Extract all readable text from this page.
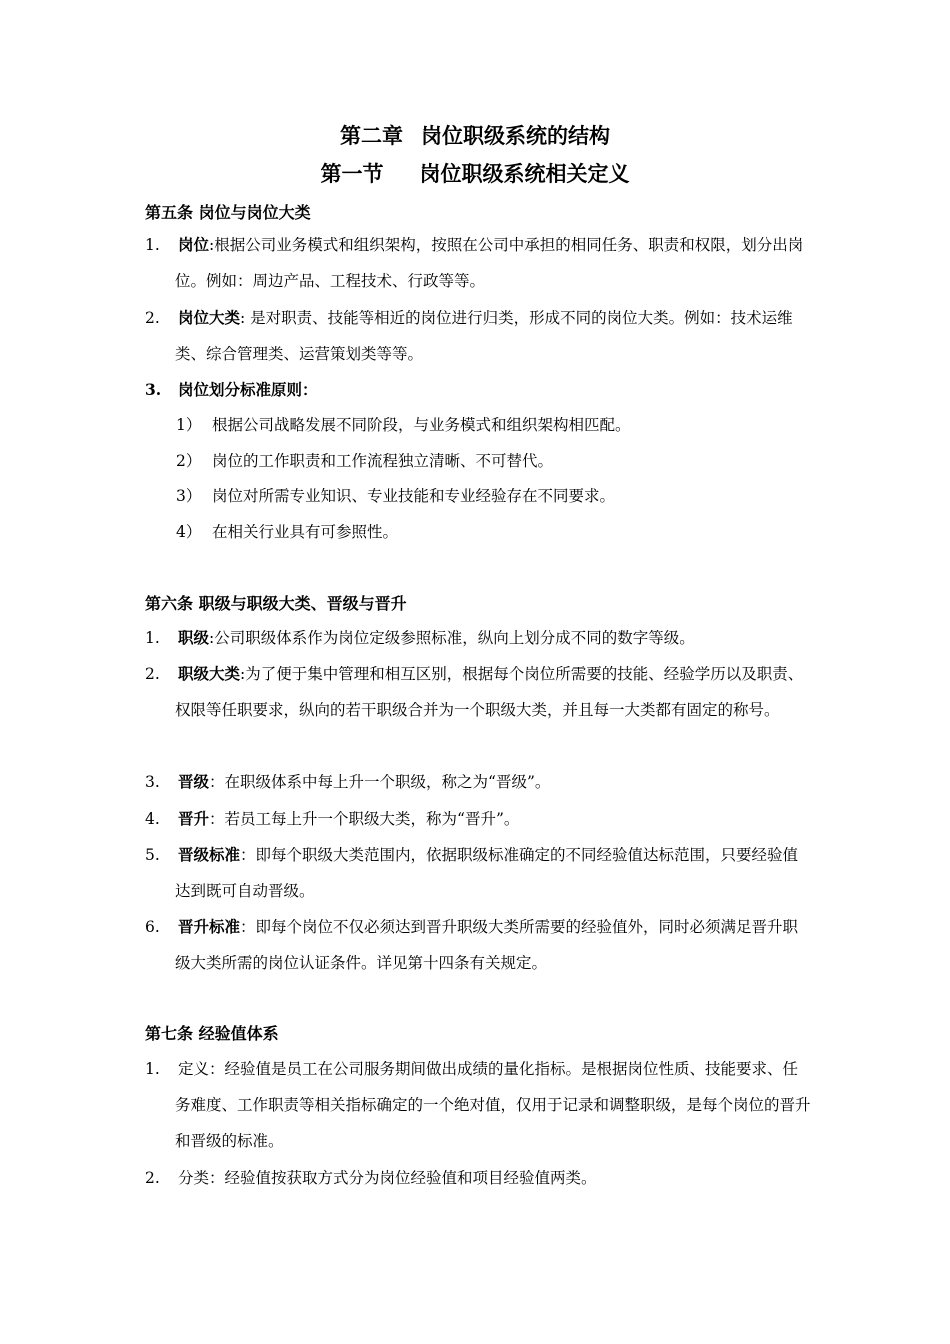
第二章 岗位职级系统的结构
第一节 岗位职级系统相关定义
第五条 岗位与岗位大类
1.	岗位:根据公司业务模式和组织架构，按照在公司中承担的相同任务、职责和权限，划分出岗位。例如：周边产品、工程技术、行政等等。
2.	岗位大类: 是对职责、技能等相近的岗位进行归类，形成不同的岗位大类。例如：技术运维类、综合管理类、运营策划类等等。
3.	岗位划分标准原则：
1） 根据公司战略发展不同阶段，与业务模式和组织架构相匹配。
2） 岗位的工作职责和工作流程独立清晰、不可替代。
3） 岗位对所需专业知识、专业技能和专业经验存在不同要求。
4） 在相关行业具有可参照性。
第六条 职级与职级大类、晋级与晋升
1.	职级:公司职级体系作为岗位定级参照标准，纵向上划分成不同的数字等级。
2.	职级大类:为了便于集中管理和相互区别，根据每个岗位所需要的技能、经验学历以及职责、权限等任职要求，纵向的若干职级合并为一个职级大类，并且每一大类都有固定的称号。
3.	晋级：在职级体系中每上升一个职级，称之为“晋级”。
4.	晋升：若员工每上升一个职级大类，称为“晋升”。
5.	晋级标准：即每个职级大类范围内，依据职级标准确定的不同经验值达标范围，只要经验值达到既可自动晋级。
6.	晋升标准：即每个岗位不仅必须达到晋升职级大类所需要的经验值外，同时必须满足晋升职级大类所需的岗位认证条件。详见第十四条有关规定。
第七条 经验值体系
1.	定义：经验值是员工在公司服务期间做出成绩的量化指标。是根据岗位性质、技能要求、任务难度、工作职责等相关指标确定的一个绝对值，仅用于记录和调整职级，是每个岗位的晋升和晋级的标准。
2.	分类：经验值按获取方式分为岗位经验值和项目经验值两类。
